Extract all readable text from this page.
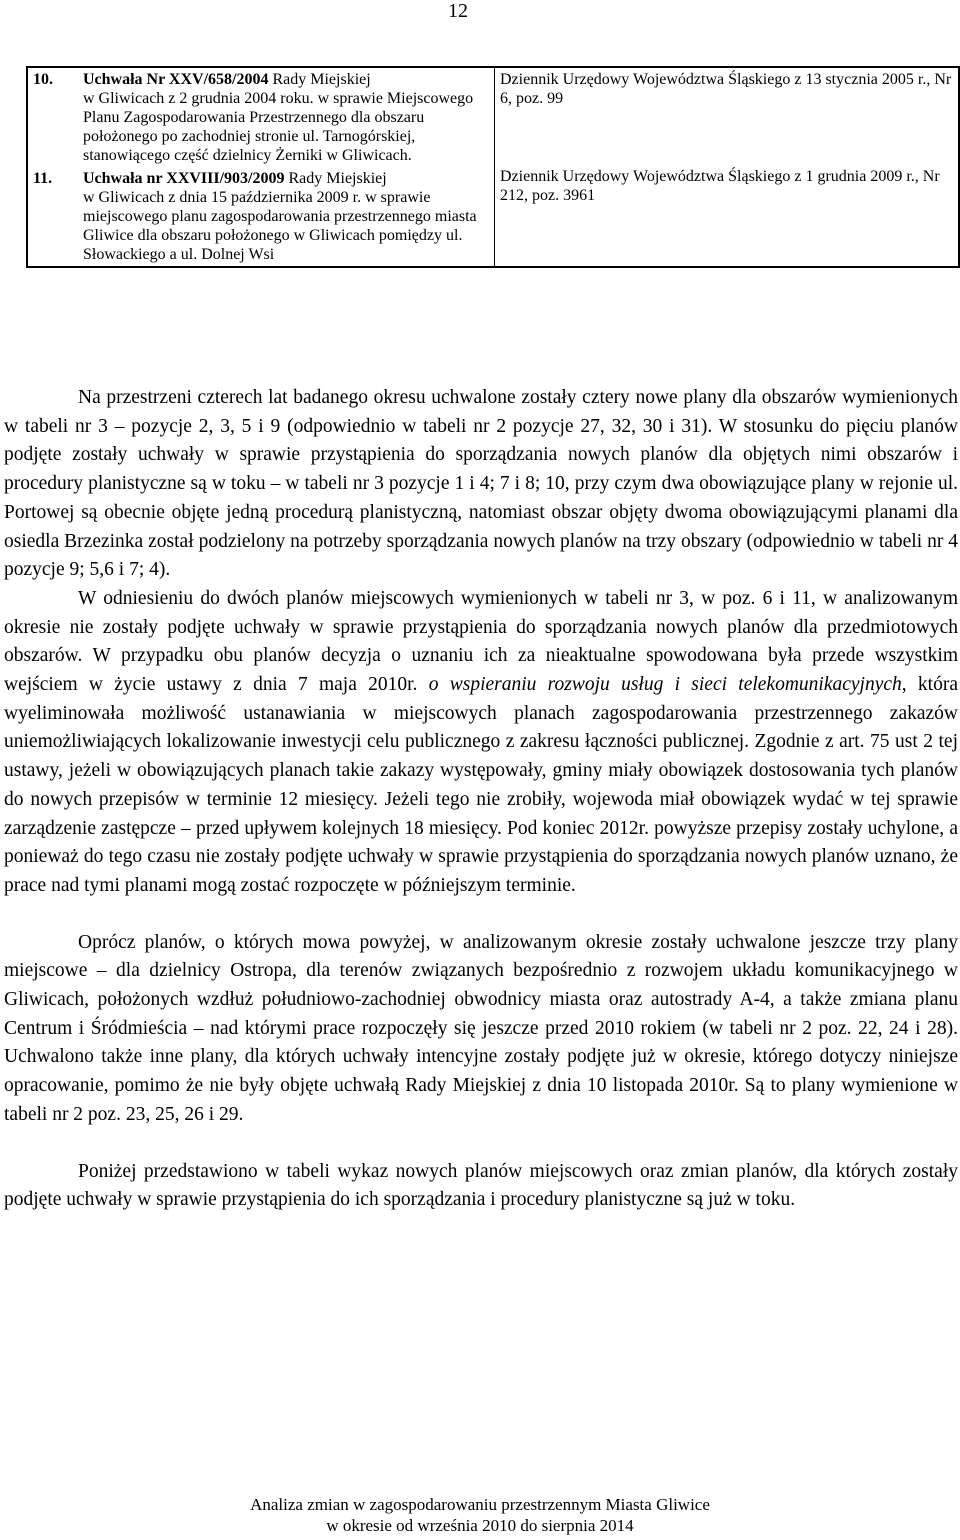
12
10.	Uchwała Nr XXV/658/2004 Rady Miejskiej
w Gliwicach z 2 grudnia 2004 roku. w sprawie Miejscowego Planu Zagospodarowania Przestrzennego dla obszaru położonego po zachodniej stronie ul. Tarnogórskiej, stanowiącego część dzielnicy Żerniki w Gliwicach.	Dziennik Urzędowy Województwa Śląskiego z 13 stycznia 2005 r., Nr 6, poz. 99

11.	Uchwała nr XXVIII/903/2009 Rady Miejskiej
w Gliwicach z dnia 15 października 2009 r. w sprawie miejscowego planu zagospodarowania przestrzennego miasta Gliwice dla obszaru położonego w Gliwicach pomiędzy ul. Słowackiego a ul. Dolnej Wsi	Dziennik Urzędowy Województwa Śląskiego z 1 grudnia 2009 r., Nr 212, poz. 3961

Na przestrzeni czterech lat badanego okresu uchwalone zostały cztery nowe plany dla obszarów wymienionych w tabeli nr 3 – pozycje 2, 3, 5 i 9 (odpowiednio w tabeli nr 2 pozycje 27, 32, 30 i 31). W stosunku do pięciu planów podjęte zostały uchwały w sprawie przystąpienia do sporządzania nowych planów dla objętych nimi obszarów i procedury planistyczne są w toku – w tabeli nr 3 pozycje 1 i 4; 7 i 8; 10, przy czym dwa obowiązujące plany w rejonie ul. Portowej są obecnie objęte jedną procedurą planistyczną, natomiast obszar objęty dwoma obowiązującymi planami dla osiedla Brzezinka został podzielony na potrzeby sporządzania nowych planów na trzy obszary (odpowiednio w tabeli nr 4 pozycje 9; 5,6 i 7; 4).

W odniesieniu do dwóch planów miejscowych wymienionych w tabeli nr 3, w poz. 6 i 11, w analizowanym okresie nie zostały podjęte uchwały w sprawie przystąpienia do sporządzania nowych planów dla przedmiotowych obszarów. W przypadku obu planów decyzja o uznaniu ich za nieaktualne spowodowana była przede wszystkim wejściem w życie ustawy z dnia 7 maja 2010r. o wspieraniu rozwoju usług i sieci telekomunikacyjnych, która wyeliminowała możliwość ustanawiania w miejscowych planach zagospodarowania przestrzennego zakazów uniemożliwiających lokalizowanie inwestycji celu publicznego z zakresu łączności publicznej. Zgodnie z art. 75 ust 2 tej ustawy, jeżeli w obowiązujących planach takie zakazy występowały, gminy miały obowiązek dostosowania tych planów do nowych przepisów w terminie 12 miesięcy. Jeżeli tego nie zrobiły, wojewoda miał obowiązek wydać w tej sprawie zarządzenie zastępcze – przed upływem kolejnych 18 miesięcy. Pod koniec 2012r. powyższe przepisy zostały uchylone, a ponieważ do tego czasu nie zostały podjęte uchwały w sprawie przystąpienia do sporządzania nowych planów uznano, że prace nad tymi planami mogą zostać rozpoczęte w późniejszym terminie.

Oprócz planów, o których mowa powyżej, w analizowanym okresie zostały uchwalone jeszcze trzy plany miejscowe – dla dzielnicy Ostropa, dla terenów związanych bezpośrednio z rozwojem układu komunikacyjnego w Gliwicach, położonych wzdłuż południowo-zachodniej obwodnicy miasta oraz autostrady A-4, a także zmiana planu Centrum i Śródmieścia – nad którymi prace rozpoczęły się jeszcze przed 2010 rokiem (w tabeli nr 2 poz. 22, 24 i 28). Uchwalono także inne plany, dla których uchwały intencyjne zostały podjęte już w okresie, którego dotyczy niniejsze opracowanie, pomimo że nie były objęte uchwałą Rady Miejskiej z dnia 10 listopada 2010r. Są to plany wymienione w tabeli nr 2 poz. 23, 25, 26 i 29.

Poniżej przedstawiono w tabeli wykaz nowych planów miejscowych oraz zmian planów, dla których zostały podjęte uchwały w sprawie przystąpienia do ich sporządzania i procedury planistyczne są już w toku.

Analiza zmian w zagospodarowaniu przestrzennym Miasta Gliwice
w okresie od września 2010 do sierpnia 2014
